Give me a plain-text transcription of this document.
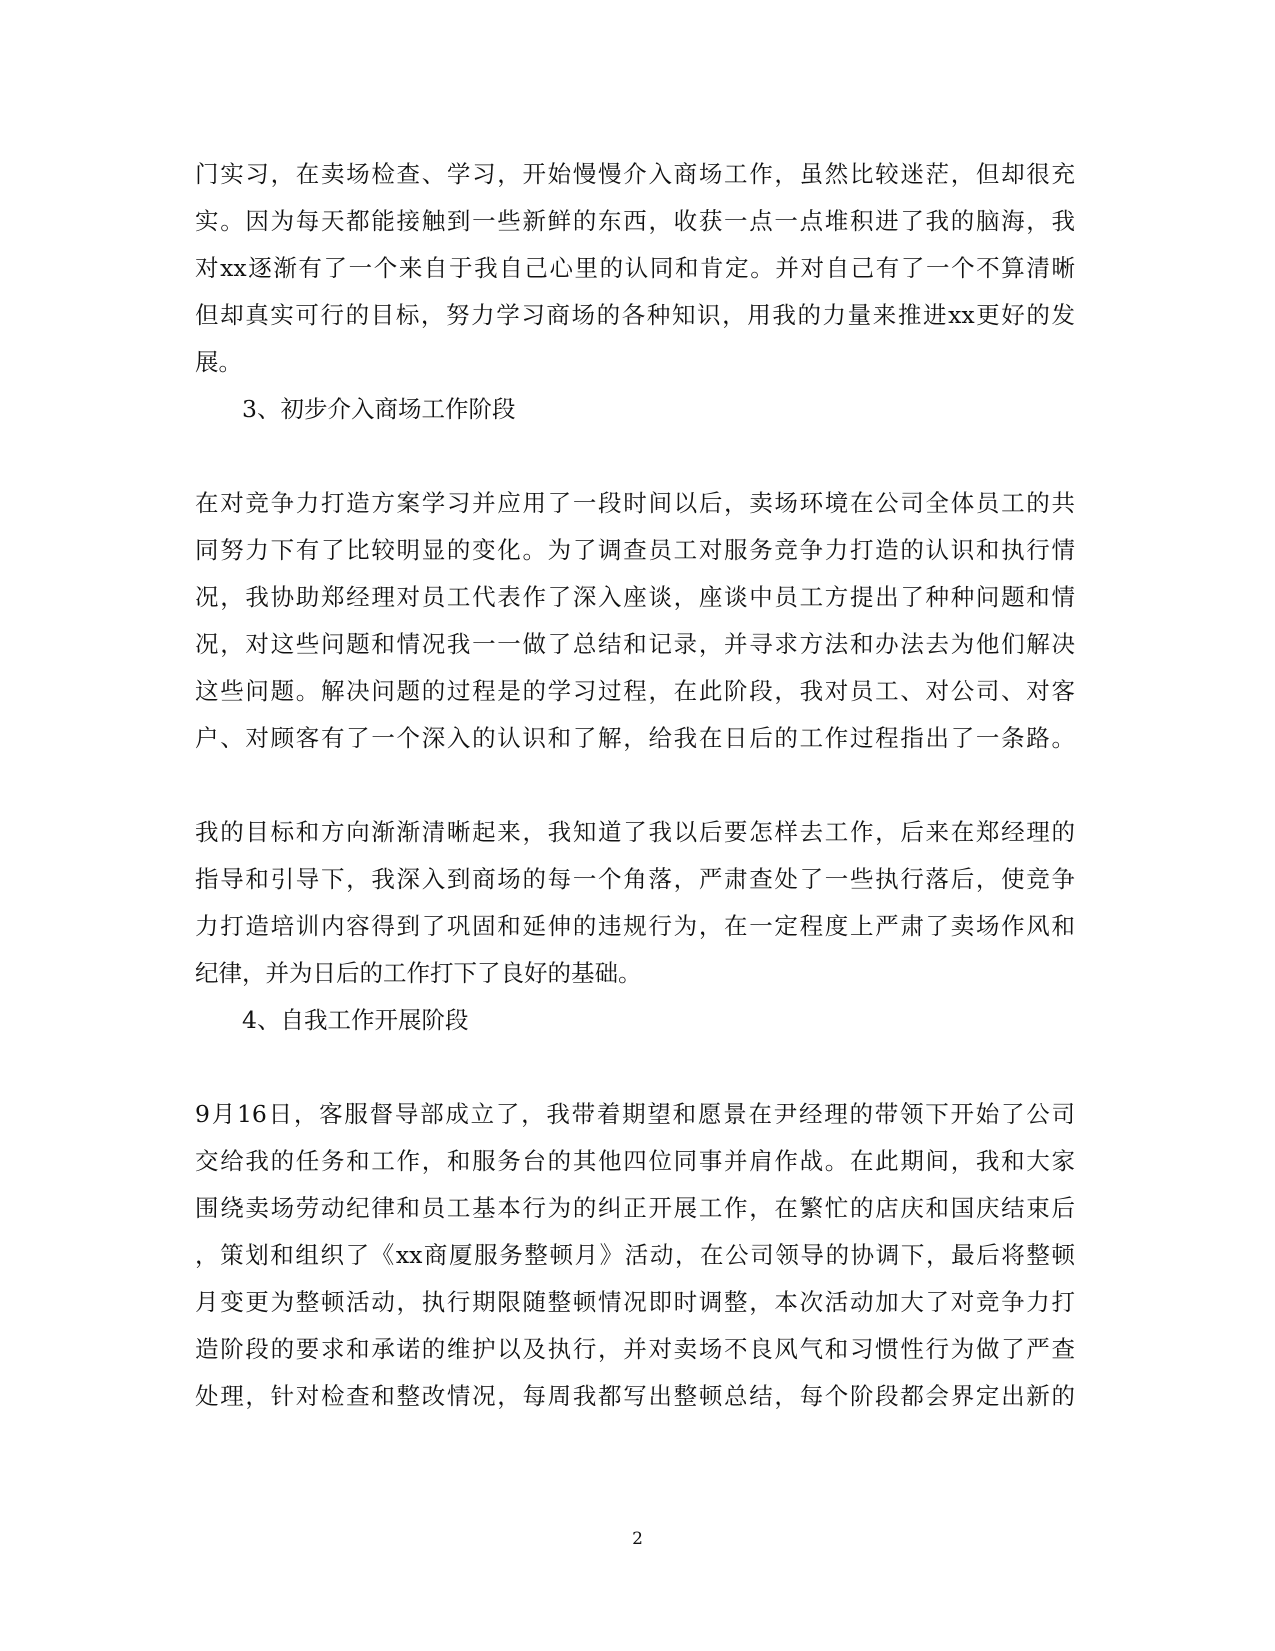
门实习，在卖场检查、学习，开始慢慢介入商场工作，虽然比较迷茫，但却很充
实。因为每天都能接触到一些新鲜的东西，收获一点一点堆积进了我的脑海，我
对xx逐渐有了一个来自于我自己心里的认同和肯定。并对自己有了一个不算清晰
但却真实可行的目标，努力学习商场的各种知识，用我的力量来推进xx更好的发
展。
3、初步介入商场工作阶段
在对竞争力打造方案学习并应用了一段时间以后，卖场环境在公司全体员工的共
同努力下有了比较明显的变化。为了调查员工对服务竞争力打造的认识和执行情
况，我协助郑经理对员工代表作了深入座谈，座谈中员工方提出了种种问题和情
况，对这些问题和情况我一一做了总结和记录，并寻求方法和办法去为他们解决
这些问题。解决问题的过程是的学习过程，在此阶段，我对员工、对公司、对客
户、对顾客有了一个深入的认识和了解，给我在日后的工作过程指出了一条路。
我的目标和方向渐渐清晰起来，我知道了我以后要怎样去工作，后来在郑经理的
指导和引导下，我深入到商场的每一个角落，严肃查处了一些执行落后，使竞争
力打造培训内容得到了巩固和延伸的违规行为，在一定程度上严肃了卖场作风和
纪律，并为日后的工作打下了良好的基础。
4、自我工作开展阶段
9月16日，客服督导部成立了，我带着期望和愿景在尹经理的带领下开始了公司
交给我的任务和工作，和服务台的其他四位同事并肩作战。在此期间，我和大家
围绕卖场劳动纪律和员工基本行为的纠正开展工作，在繁忙的店庆和国庆结束后
，策划和组织了《xx商厦服务整顿月》活动，在公司领导的协调下，最后将整顿
月变更为整顿活动，执行期限随整顿情况即时调整，本次活动加大了对竞争力打
造阶段的要求和承诺的维护以及执行，并对卖场不良风气和习惯性行为做了严查
处理，针对检查和整改情况，每周我都写出整顿总结，每个阶段都会界定出新的
2
